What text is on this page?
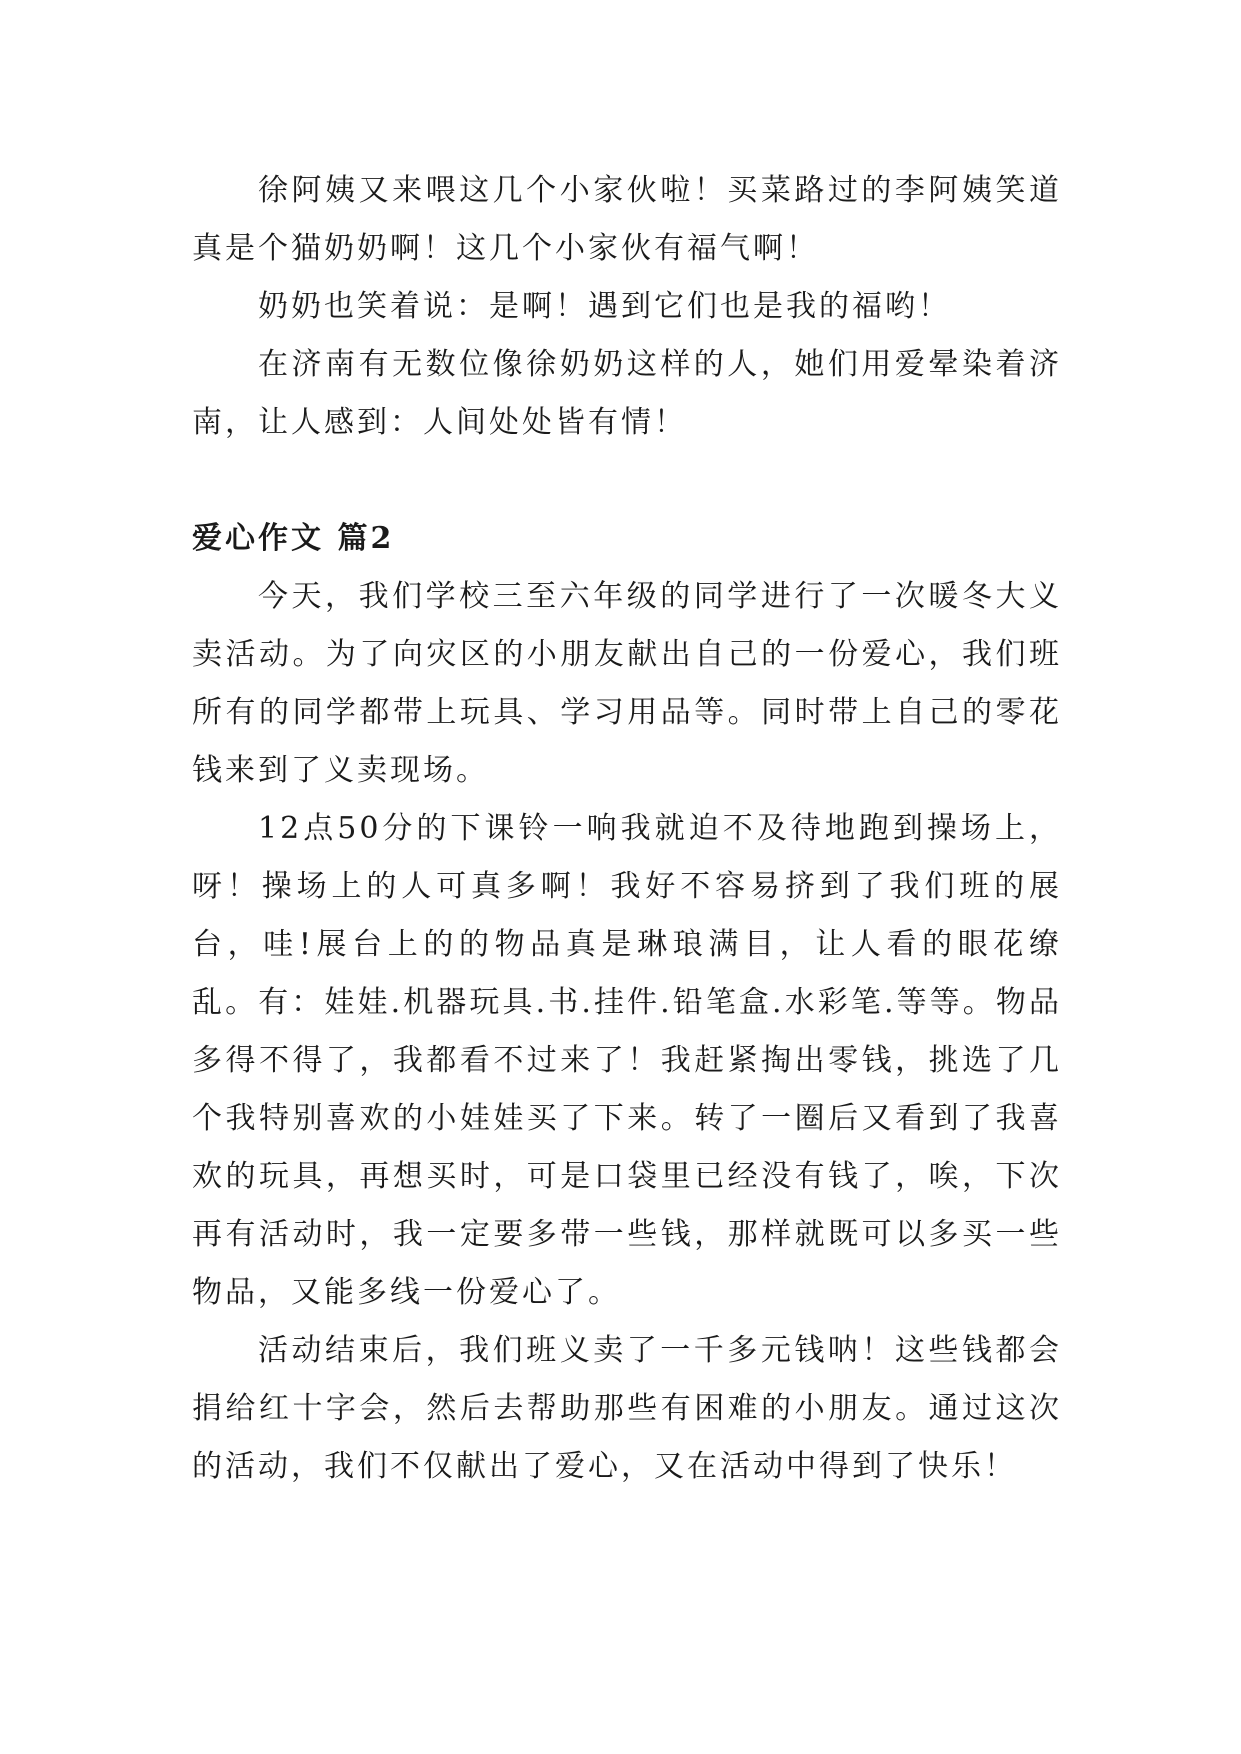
徐阿姨又来喂这几个小家伙啦！买菜路过的李阿姨笑道真是个猫奶奶啊！这几个小家伙有福气啊！

奶奶也笑着说：是啊！遇到它们也是我的福哟！

在济南有无数位像徐奶奶这样的人，她们用爱晕染着济南，让人感到：人间处处皆有情！

爱心作文 篇2

今天，我们学校三至六年级的同学进行了一次暖冬大义卖活动。为了向灾区的小朋友献出自己的一份爱心，我们班所有的同学都带上玩具、学习用品等。同时带上自己的零花钱来到了义卖现场。

12点50分的下课铃一响我就迫不及待地跑到操场上，呀！操场上的人可真多啊！我好不容易挤到了我们班的展台，哇!展台上的的物品真是琳琅满目，让人看的眼花缭乱。有：娃娃.机器玩具.书.挂件.铅笔盒.水彩笔.等等。物品多得不得了，我都看不过来了！我赶紧掏出零钱，挑选了几个我特别喜欢的小娃娃买了下来。转了一圈后又看到了我喜欢的玩具，再想买时，可是口袋里已经没有钱了，唉，下次再有活动时，我一定要多带一些钱，那样就既可以多买一些物品，又能多线一份爱心了。

活动结束后，我们班义卖了一千多元钱呐！这些钱都会捐给红十字会，然后去帮助那些有困难的小朋友。通过这次的活动，我们不仅献出了爱心，又在活动中得到了快乐！
